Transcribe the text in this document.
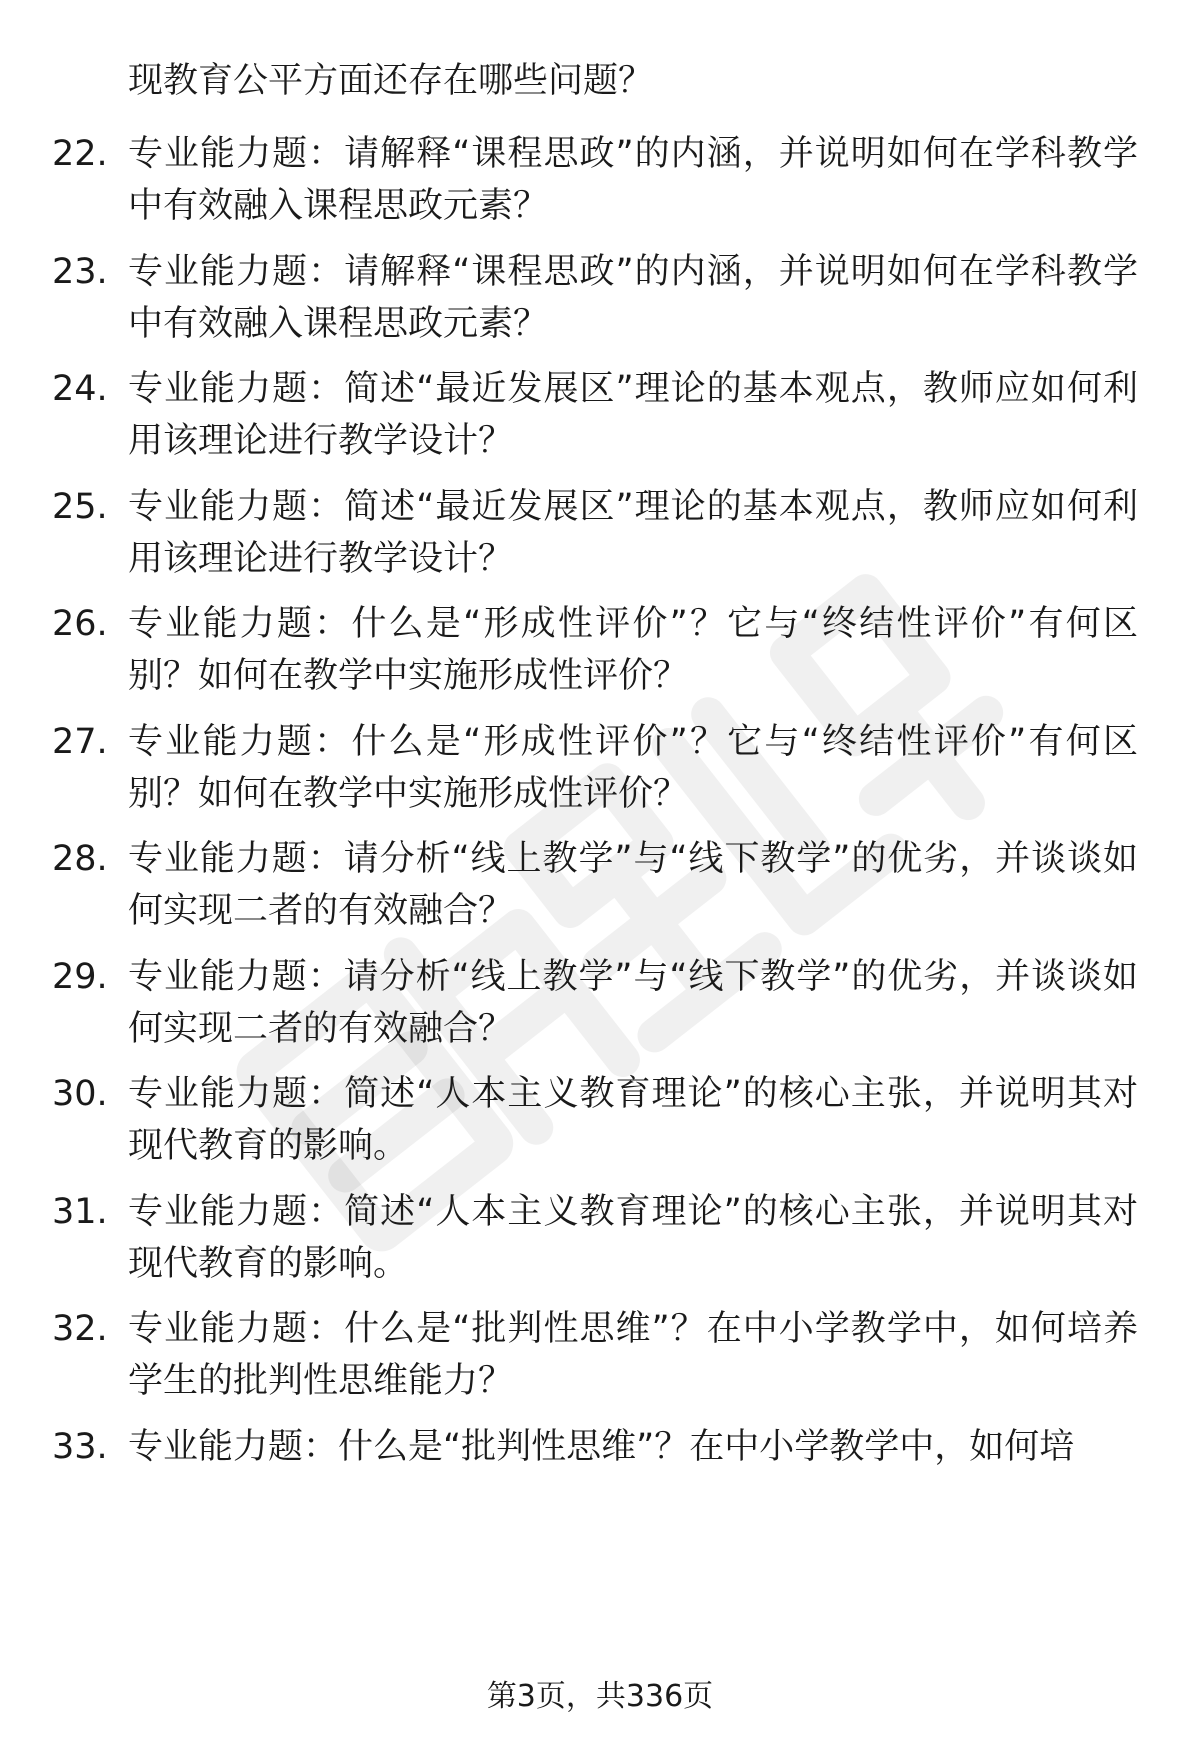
现教育公平方面还存在哪些问题？
22. 专业能力题：请解释“课程思政”的内涵，并说明如何在学科教学中有效融入课程思政元素？
23. 专业能力题：请解释“课程思政”的内涵，并说明如何在学科教学中有效融入课程思政元素？
24. 专业能力题：简述“最近发展区”理论的基本观点，教师应如何利用该理论进行教学设计？
25. 专业能力题：简述“最近发展区”理论的基本观点，教师应如何利用该理论进行教学设计？
26. 专业能力题：什么是“形成性评价”？它与“终结性评价”有何区别？如何在教学中实施形成性评价？
27. 专业能力题：什么是“形成性评价”？它与“终结性评价”有何区别？如何在教学中实施形成性评价？
28. 专业能力题：请分析“线上教学”与“线下教学”的优劣，并谈谈如何实现二者的有效融合？
29. 专业能力题：请分析“线上教学”与“线下教学”的优劣，并谈谈如何实现二者的有效融合？
30. 专业能力题：简述“人本主义教育理论”的核心主张，并说明其对现代教育的影响。
31. 专业能力题：简述“人本主义教育理论”的核心主张，并说明其对现代教育的影响。
32. 专业能力题：什么是“批判性思维”？在中小学教学中，如何培养学生的批判性思维能力？
33. 专业能力题：什么是“批判性思维”？在中小学教学中，如何培
第3页，共336页
